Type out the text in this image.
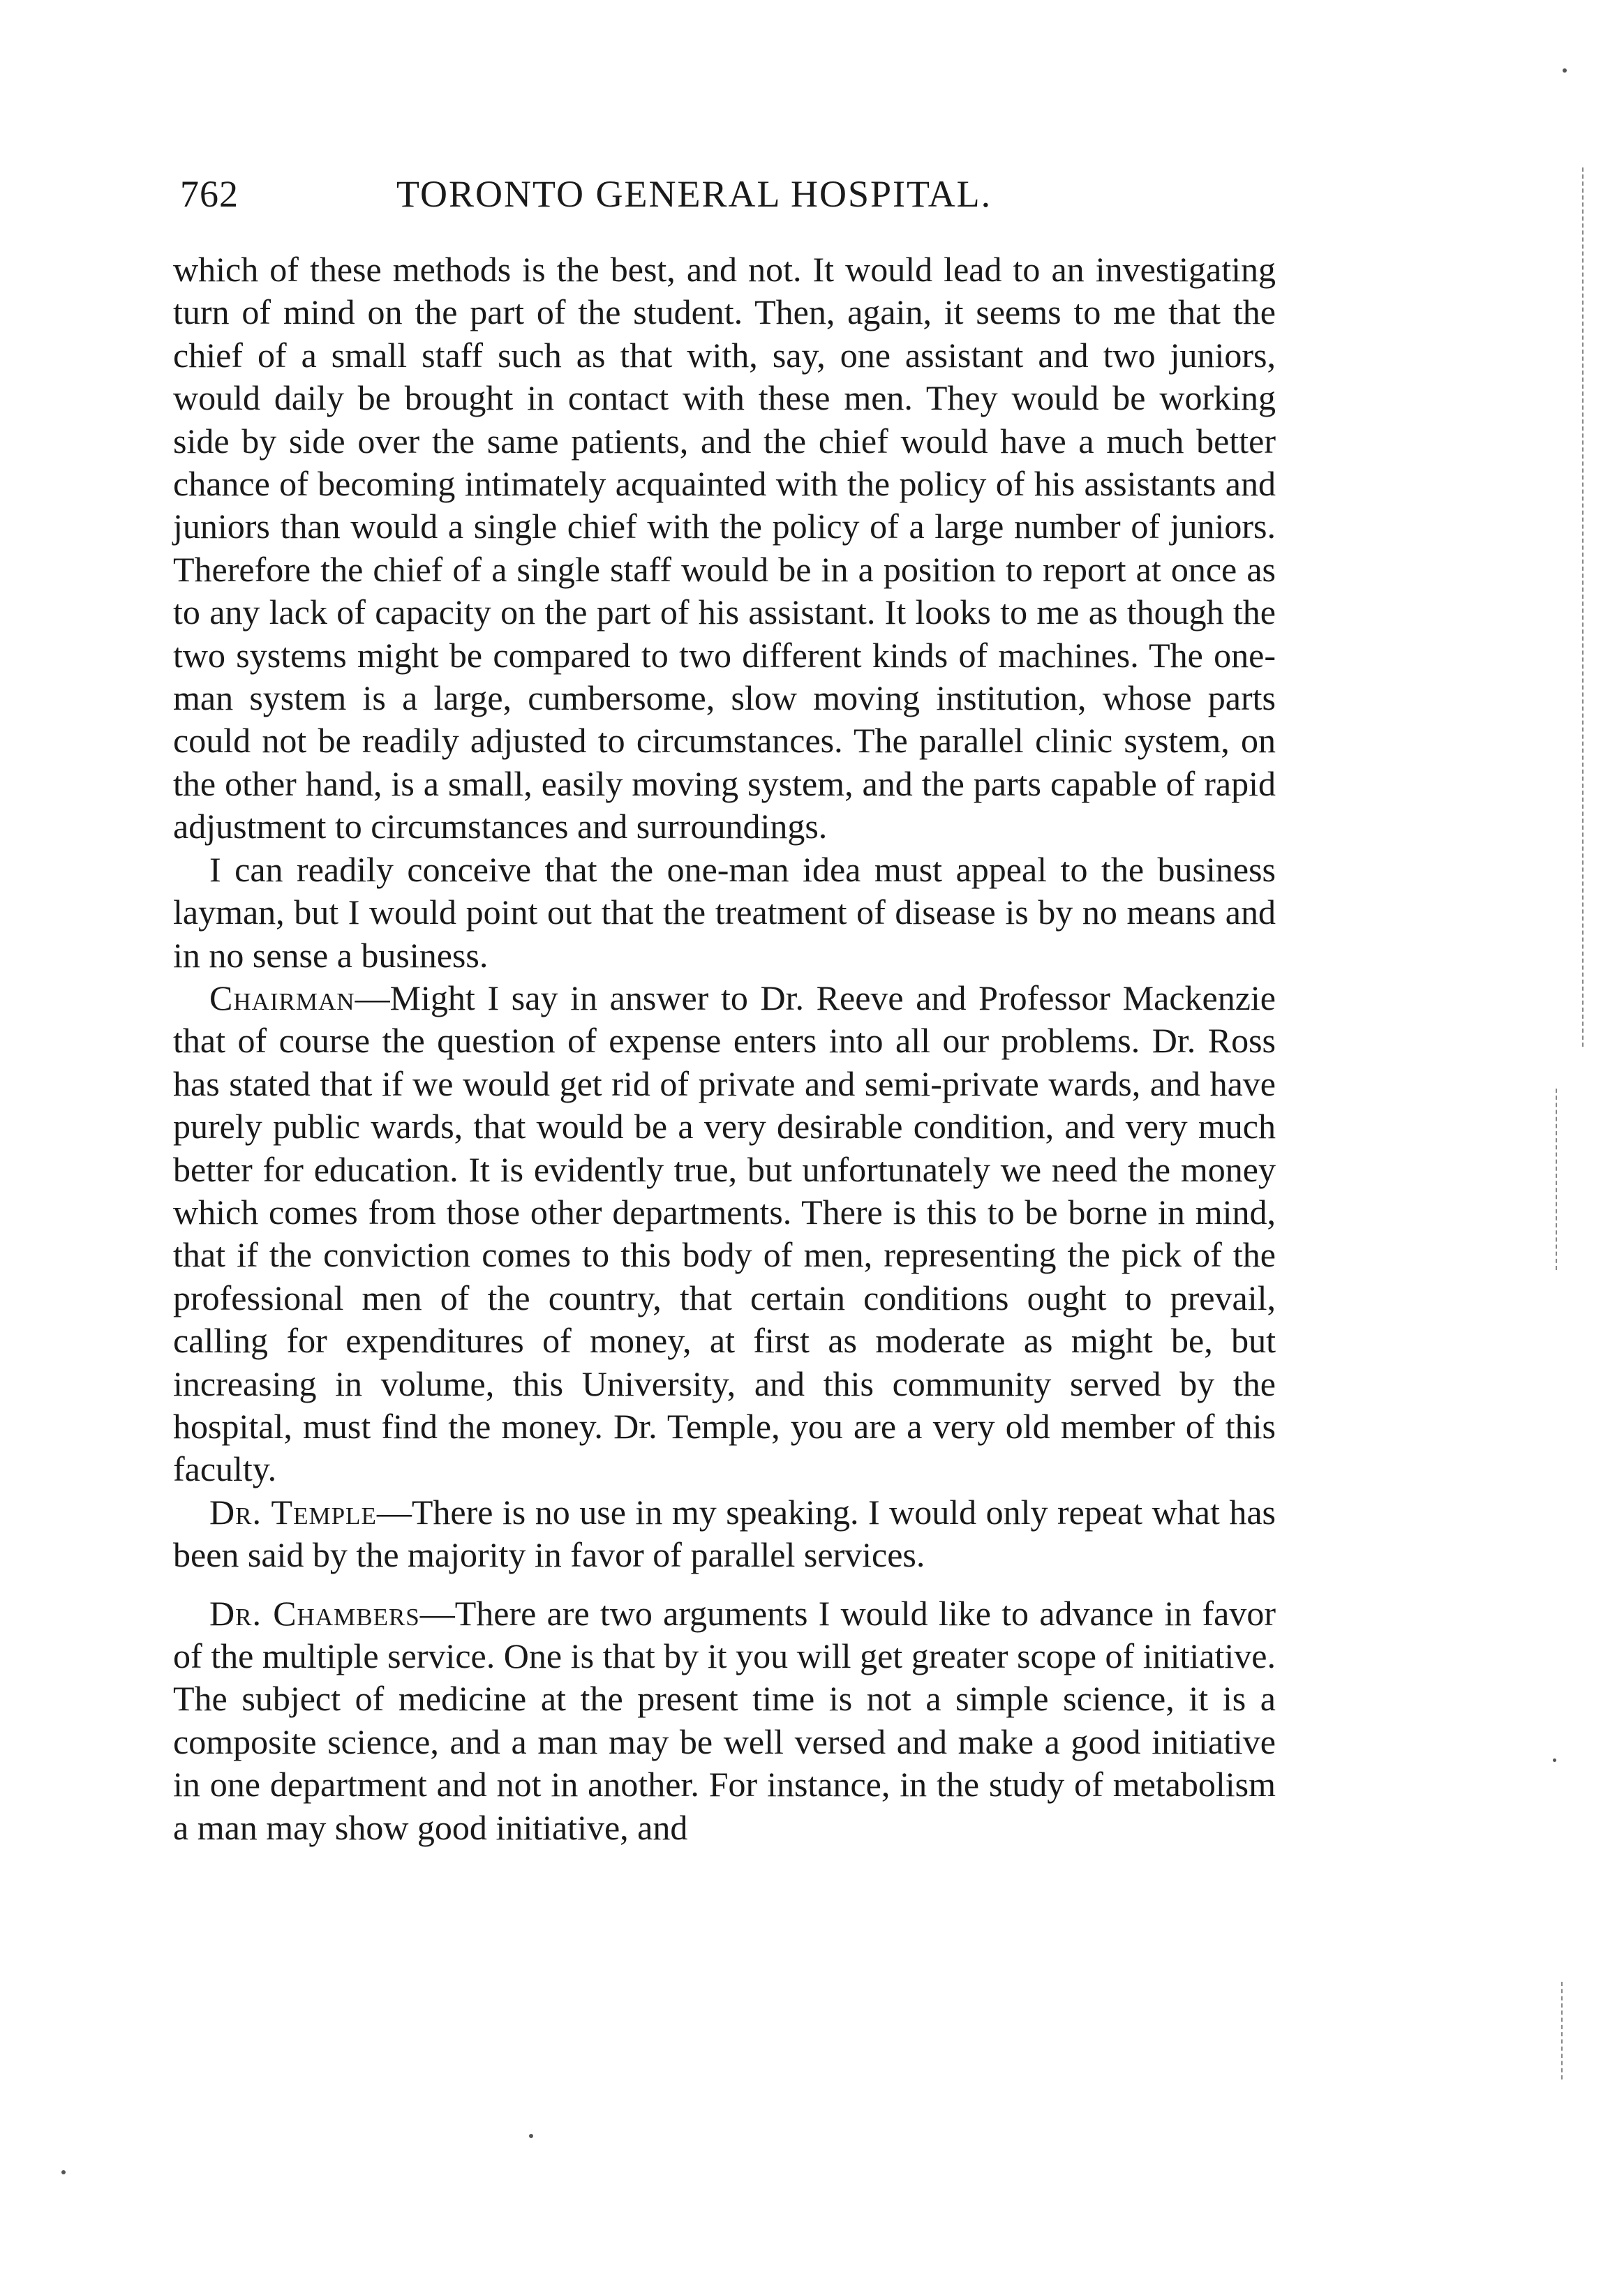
762	TORONTO GENERAL HOSPITAL.

which of these methods is the best, and not. It would lead to an investigating turn of mind on the part of the student. Then, again, it seems to me that the chief of a small staff such as that with, say, one assistant and two juniors, would daily be brought in contact with these men. They would be working side by side over the same patients, and the chief would have a much better chance of becoming intimately acquainted with the policy of his assistants and juniors than would a single chief with the policy of a large number of juniors. Therefore the chief of a single staff would be in a position to report at once as to any lack of capacity on the part of his assistant. It looks to me as though the two systems might be compared to two different kinds of machines. The one-man system is a large, cumbersome, slow moving institution, whose parts could not be readily adjusted to circumstances. The parallel clinic system, on the other hand, is a small, easily moving system, and the parts capable of rapid adjustment to circumstances and surroundings.

I can readily conceive that the one-man idea must appeal to the business layman, but I would point out that the treatment of disease is by no means and in no sense a business.

Chairman—Might I say in answer to Dr. Reeve and Professor Mackenzie that of course the question of expense enters into all our problems. Dr. Ross has stated that if we would get rid of private and semi-private wards, and have purely public wards, that would be a very desirable condition, and very much better for education. It is evidently true, but unfortunately we need the money which comes from those other departments. There is this to be borne in mind, that if the conviction comes to this body of men, representing the pick of the professional men of the country, that certain conditions ought to prevail, calling for expenditures of money, at first as moderate as might be, but increasing in volume, this University, and this community served by the hospital, must find the money. Dr. Temple, you are a very old member of this faculty.

Dr. Temple—There is no use in my speaking. I would only repeat what has been said by the majority in favor of parallel services.

Dr. Chambers—There are two arguments I would like to advance in favor of the multiple service. One is that by it you will get greater scope of initiative. The subject of medicine at the present time is not a simple science, it is a composite science, and a man may be well versed and make a good initiative in one department and not in another. For instance, in the study of metabolism a man may show good initiative, and
